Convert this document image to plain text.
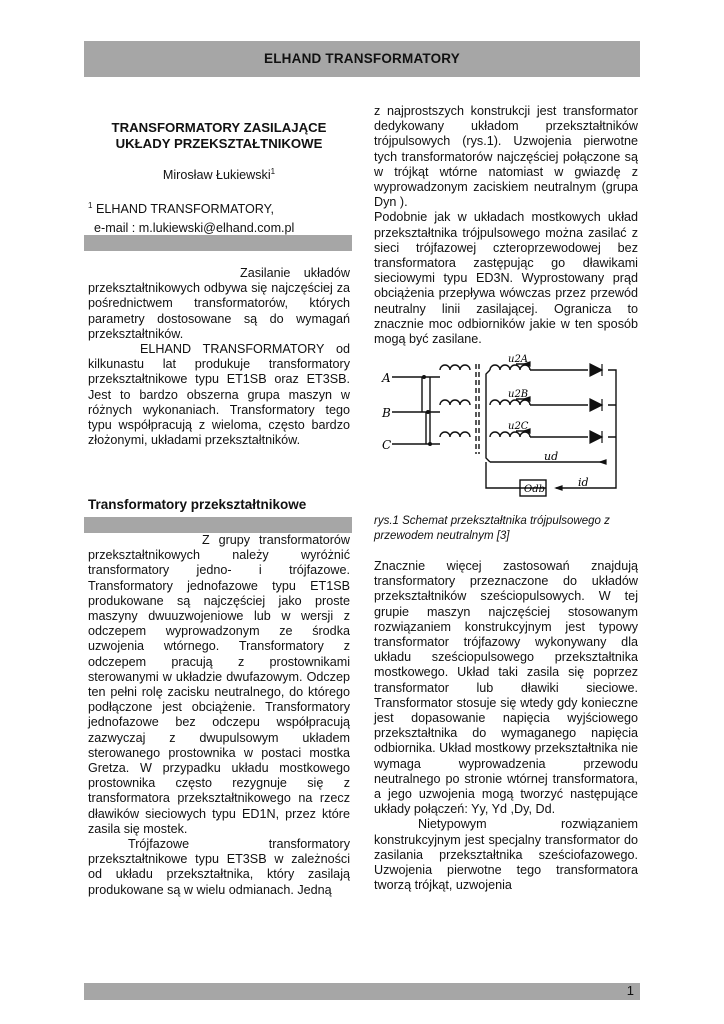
ELHAND TRANSFORMATORY
TRANSFORMATORY ZASILAJĄCE UKŁADY PRZEKSZTAŁTNIKOWE
Mirosław Łukiewski$^1$
$^1$ ELHAND TRANSFORMATORY,
e-mail : m.lukiewski@elhand.com.pl

Zasilanie układów przekształtnikowych odbywa się najczęściej za pośrednictwem transformatorów, których parametry dostosowane są do wymagań przekształtników.

ELHAND TRANSFORMATORY od kilkunastu lat produkuje transformatory przekształtnikowe typu ET1SB oraz ET3SB. Jest to bardzo obszerna grupa maszyn w różnych wykonaniach. Transformatory tego typu współpracują z wieloma, często bardzo złożonymi, układami przekształtników.

Transformatory przekształtnikowe

Z grupy transformatorów przekształtnikowych należy wyróżnić transformatory jedno- i trójfazowe. Transformatory jednofazowe typu ET1SB produkowane są najczęściej jako proste maszyny dwuuzwojeniowe lub w wersji z odczepem wyprowadzonym ze środka uzwojenia wtórnego. Transformatory z odczepem pracują z prostownikami sterowanymi w układzie dwufazowym. Odczep ten pełni rolę zacisku neutralnego, do którego podłączone jest obciążenie. Transformatory jednofazowe bez odczepu współpracują zazwyczaj z dwupulsowym układem sterowanego prostownika w postaci mostka Gretza. W przypadku układu mostkowego prostownika często rezygnuje się z transformatora przekształtnikowego na rzecz dławików sieciowych typu ED1N, przez które zasila się mostek.

Trójfazowe transformatory przekształtnikowe typu ET3SB w zależności od układu przekształtnika, który zasilają produkowane są w wielu odmianach. Jedną

z najprostszych konstrukcji jest transformator dedykowany układom przekształtników trójpulsowych (rys.1). Uzwojenia pierwotne tych transformatorów najczęściej połączone są w trójkąt wtórne natomiast w gwiazdę z wyprowadzonym zaciskiem neutralnym (grupa Dyn ).

Podobnie jak w układach mostkowych układ przekształtnika trójpulsowego można zasilać z sieci trójfazowej czteroprzewodowej bez transformatora zastępując go dławikami sieciowymi typu ED3N. Wyprostowany prąd obciążenia przepływa wówczas przez przewód neutralny linii zasilającej. Ogranicza to znacznie moc odbiorników jakie w ten sposób mogą być zasilane.

A
B
C
u2A
u2B
u2C
ud
Odb
id
rys.1 Schemat przekształtnika trójpulsowego z przewodem neutralnym [3]

Znacznie więcej zastosowań znajdują transformatory przeznaczone do układów przekształtników sześciopulsowych. W tej grupie maszyn najczęściej stosowanym rozwiązaniem konstrukcyjnym jest typowy transformator trójfazowy wykonywany dla układu sześciopulsowego przekształtnika mostkowego. Układ taki zasila się poprzez transformator lub dławiki sieciowe. Transformator stosuje się wtedy gdy konieczne jest dopasowanie napięcia wyjściowego przekształtnika do wymaganego napięcia odbiornika. Układ mostkowy przekształtnika nie wymaga wyprowadzenia przewodu neutralnego po stronie wtórnej transformatora, a jego uzwojenia mogą tworzyć następujące układy połączeń: Yy, Yd ,Dy, Dd.

Nietypowym rozwiązaniem konstrukcyjnym jest specjalny transformator do zasilania przekształtnika sześciofazowego. Uzwojenia pierwotne tego transformatora tworzą trójkąt, uzwojenia

1
